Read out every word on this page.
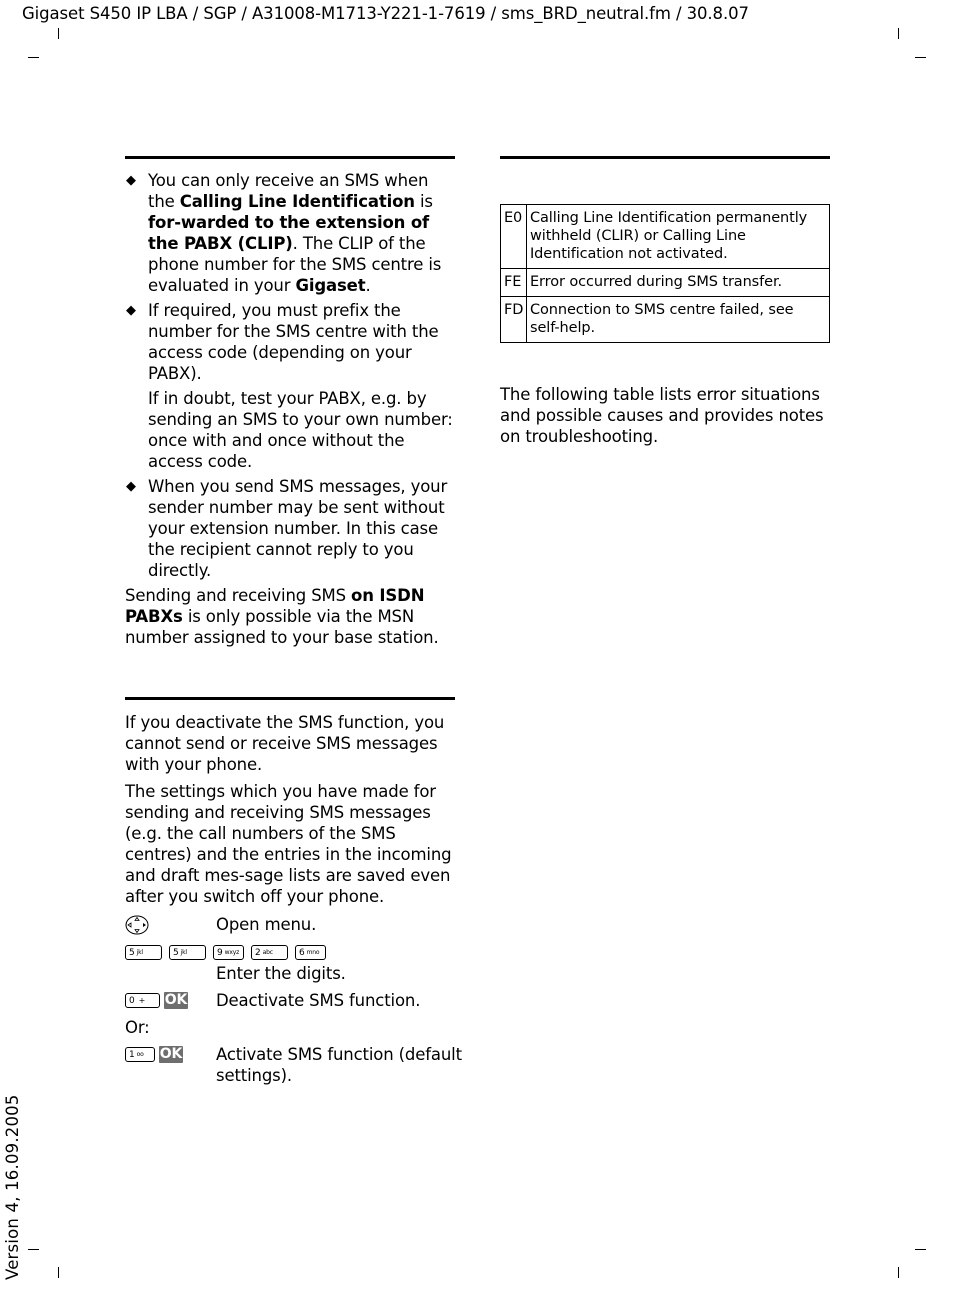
Gigaset S450 IP LBA / SGP / A31008-M1713-Y221-1-7619 / sms_BRD_neutral.fm / 30.8.07
◆ You can only receive an SMS when the Calling Line Identification is for-warded to the extension of the PABX (CLIP). The CLIP of the phone number for the SMS centre is evaluated in your Gigaset.

◆ If required, you must prefix the number for the SMS centre with the access code (depending on your PABX).

If in doubt, test your PABX, e.g. by sending an SMS to your own number: once with and once without the access code.

◆ When you send SMS messages, your sender number may be sent without your extension number. In this case the recipient cannot reply to you directly.

Sending and receiving SMS on ISDN PABXs is only possible via the MSN number assigned to your base station.

If you deactivate the SMS function, you cannot send or receive SMS messages with your phone.

The settings which you have made for sending and receiving SMS messages (e.g. the call numbers of the SMS centres) and the entries in the incoming and draft mes-sage lists are saved even after you switch off your phone.

Open menu.
5 jkl	5 jkl	9 wxyz 2 abc	6 mno
Enter the digits.
0 + OK Deactivate SMS function.
Or:
1 oo OK Activate SMS function (default settings).
E0	Calling Line Identification permanently withheld (CLIR) or Calling Line Identification not activated.
FE	Error occurred during SMS transfer.
FD	Connection to SMS centre failed, see self-help.

The following table lists error situations and possible causes and provides notes on troubleshooting.

Version 4, 16.09.2005
